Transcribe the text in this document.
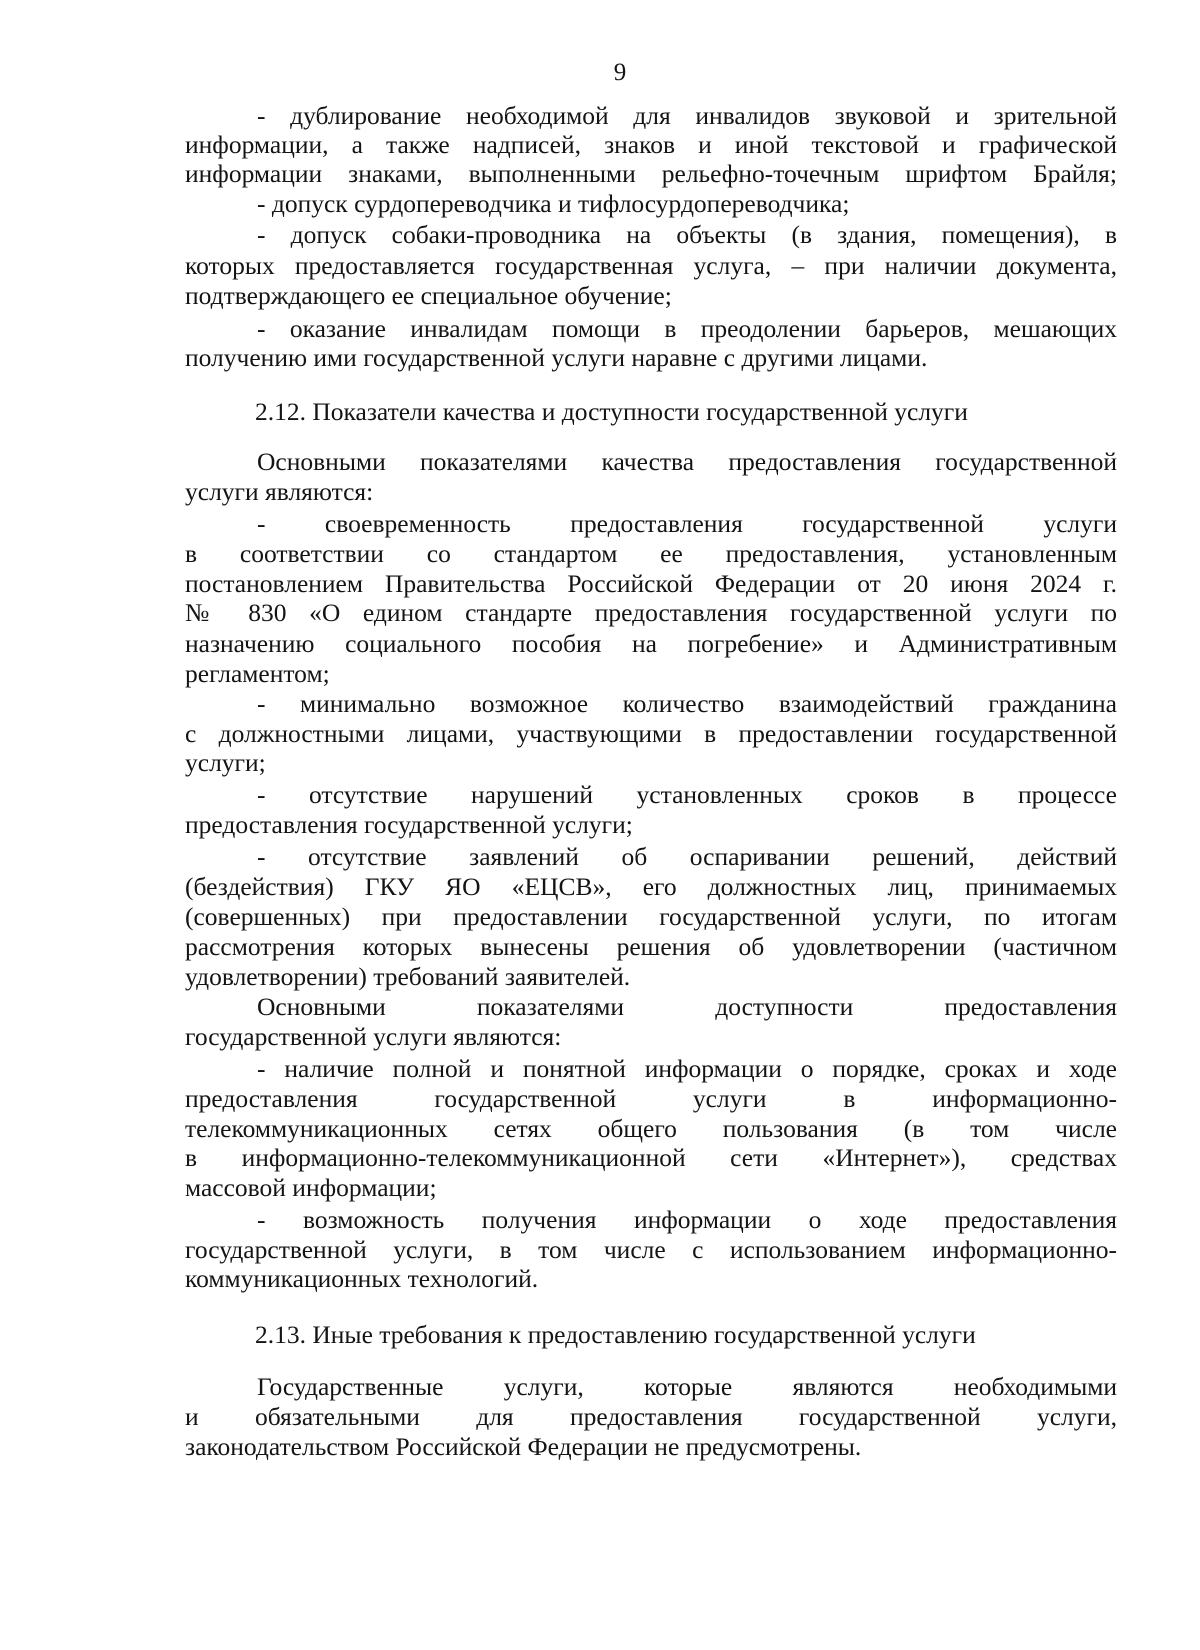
9
- дублирование необходимой для инвалидов звуковой и зрительной
информации, а также надписей, знаков и иной текстовой и графической
информации знаками, выполненными рельефно-точечным шрифтом Брайля;
- допуск сурдопереводчика и тифлосурдопереводчика;
- допуск собаки-проводника на объекты (в здания, помещения), в
которых предоставляется государственная услуга, – при наличии документа,
подтверждающего ее специальное обучение;
- оказание инвалидам помощи в преодолении барьеров, мешающих
получению ими государственной услуги наравне с другими лицами.
2.12. Показатели качества и доступности государственной услуги
Основными показателями качества предоставления государственной
услуги являются:
- своевременность предоставления государственной услуги
в соответствии со стандартом ее предоставления, установленным
постановлением Правительства Российской Федерации от 20 июня 2024 г.
№ 830 «О едином стандарте предоставления государственной услуги по
назначению социального пособия на погребение» и Административным
регламентом;
- минимально возможное количество взаимодействий гражданина
с должностными лицами, участвующими в предоставлении государственной
услуги;
- отсутствие нарушений установленных сроков в процессе
предоставления государственной услуги;
- отсутствие заявлений об оспаривании решений, действий
(бездействия) ГКУ ЯО «ЕЦСВ», его должностных лиц, принимаемых
(совершенных) при предоставлении государственной услуги, по итогам
рассмотрения которых вынесены решения об удовлетворении (частичном
удовлетворении) требований заявителей.
Основными показателями доступности предоставления
государственной услуги являются:
- наличие полной и понятной информации о порядке, сроках и ходе
предоставления государственной услуги в информационно-
телекоммуникационных сетях общего пользования (в том числе
в информационно-телекоммуникационной сети «Интернет»), средствах
массовой информации;
- возможность получения информации о ходе предоставления
государственной услуги, в том числе с использованием информационно-
коммуникационных технологий.
2.13. Иные требования к предоставлению государственной услуги
Государственные услуги, которые являются необходимыми
и обязательными для предоставления государственной услуги,
законодательством Российской Федерации не предусмотрены.
